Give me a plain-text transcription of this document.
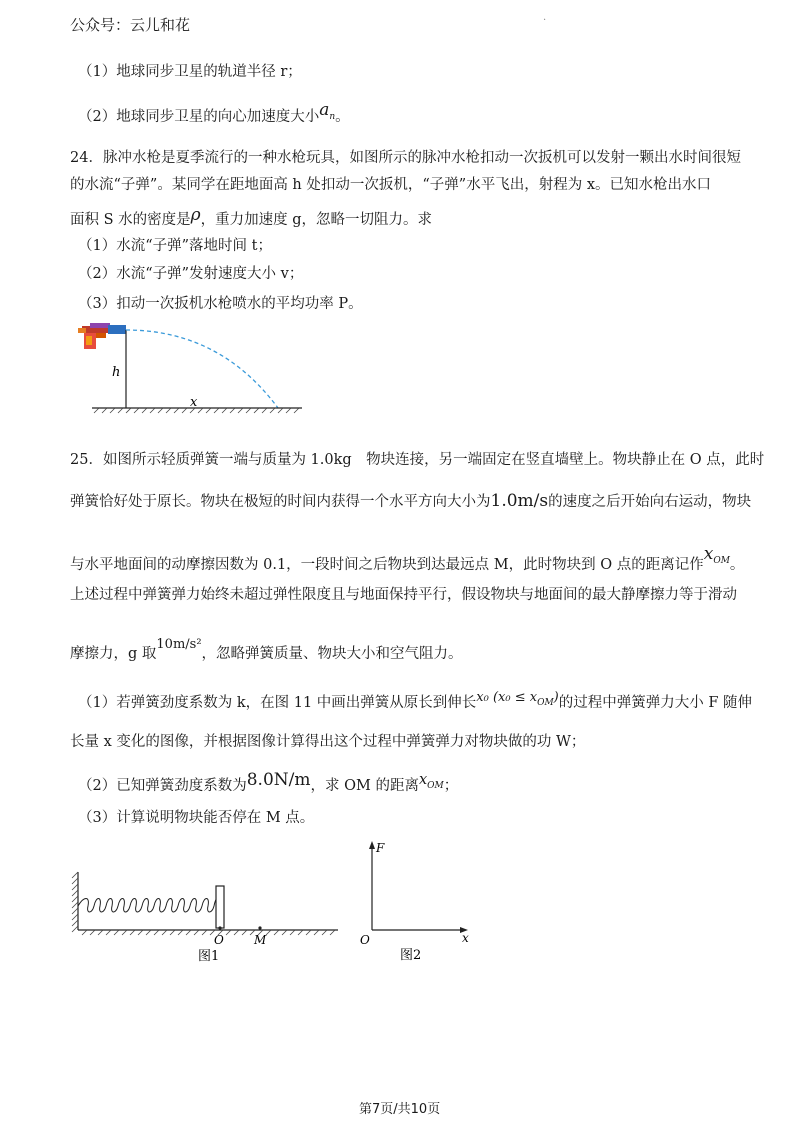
公众号：云儿和花	.
（1）地球同步卫星的轨道半径 r；
（2）地球同步卫星的向心加速度大小$a^n$。
24．脉冲水枪是夏季流行的一种水枪玩具，如图所示的脉冲水枪扣动一次扳机可以发射一颗出水时间很短
的水流“子弹”。某同学在距地面高 h 处扣动一次扳机，“子弹”水平飞出，射程为 x。已知水枪出水口
面积 S 水的密度是ρ，重力加速度 g，忽略一切阻力。求
（1）水流“子弹”落地时间 t；
（2）水流“子弹”发射速度大小 v；
（3）扣动一次扳机水枪喷水的平均功率 P。
h
x
25．如图所示轻质弹簧一端与质量为 1.0kg　物块连接，另一端固定在竖直墙壁上。物块静止在 O 点，此时
弹簧恰好处于原长。物块在极短的时间内获得一个水平方向大小为1.0m/s的速度之后开始向右运动，物块
与水平地面间的动摩擦因数为 0.1，一段时间之后物块到达最远点 M，此时物块到 O 点的距离记作$x^{OM}$。
上述过程中弹簧弹力始终未超过弹性限度且与地面保持平行，假设物块与地面间的最大静摩擦力等于滑动
摩擦力，g 取10m/s²，忽略弹簧质量、物块大小和空气阻力。
（1）若弹簧劲度系数为 k，在图 11 中画出弹簧从原长到伸长x₀ $(x_0 \le x_{OM})$的过程中弹簧弹力大小 F 随伸
长量 x 变化的图像，并根据图像计算得出这个过程中弹簧弹力对物块做的功 W；
（2）已知弹簧劲度系数为8.0N/m，求 OM 的距离$x^{OM}$；
（3）计算说明物块能否停在 M 点。
O	M
图1
F
O	x
图2
第7页/共10页
